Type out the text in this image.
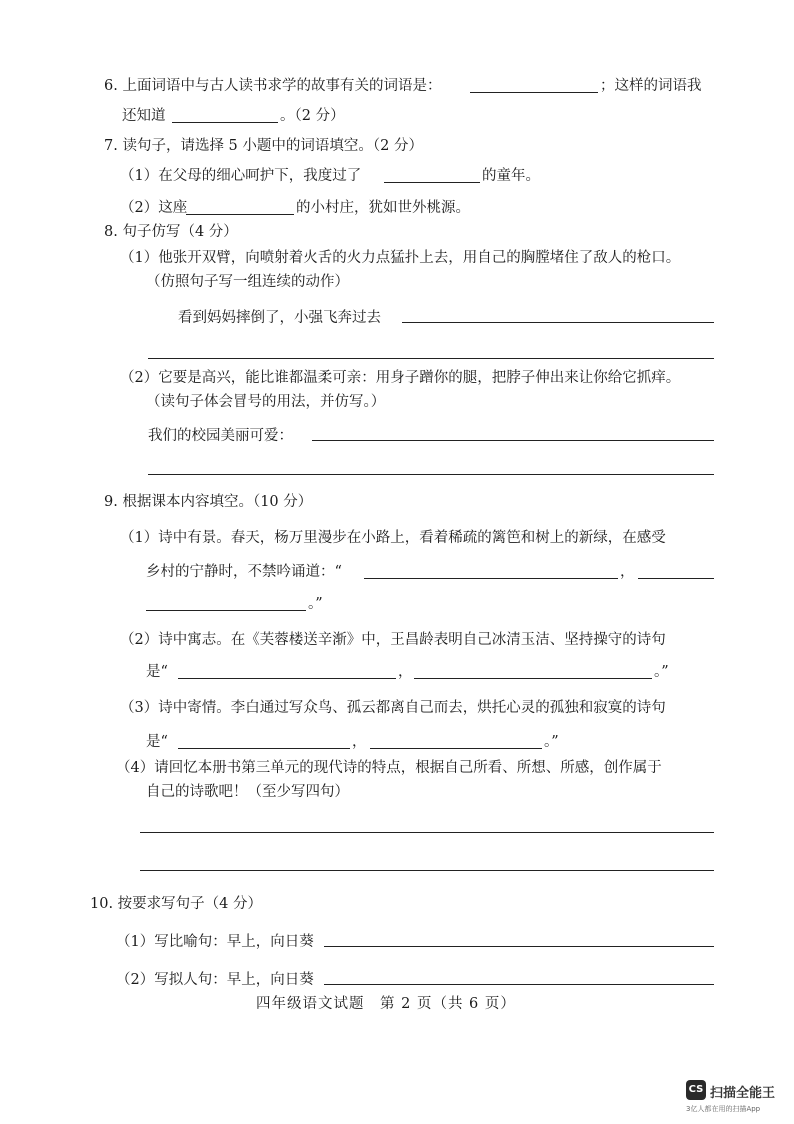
6. 上面词语中与古人读书求学的故事有关的词语是：	；这样的词语我
还知道	。（2 分）
7. 读句子，请选择 5 小题中的词语填空。（2 分）
（1）在父母的细心呵护下，我度过了	的童年。
（2）这座	的小村庄，犹如世外桃源。
8. 句子仿写（4 分）
（1）他张开双臂，向喷射着火舌的火力点猛扑上去，用自己的胸膛堵住了敌人的枪口。
（仿照句子写一组连续的动作）
看到妈妈摔倒了，小强飞奔过去
（2）它要是高兴，能比谁都温柔可亲：用身子蹭你的腿，把脖子伸出来让你给它抓痒。
（读句子体会冒号的用法，并仿写。）
我们的校园美丽可爱：
9. 根据课本内容填空。（10 分）
（1）诗中有景。春天，杨万里漫步在小路上，看着稀疏的篱笆和树上的新绿，在感受
乡村的宁静时，不禁吟诵道：“	，
。”
（2）诗中寓志。在《芙蓉楼送辛渐》中，王昌龄表明自己冰清玉洁、坚持操守的诗句
是“	，	。”
（3）诗中寄情。李白通过写众鸟、孤云都离自己而去，烘托心灵的孤独和寂寞的诗句
是“	，	。”
（4）请回忆本册书第三单元的现代诗的特点，根据自己所看、所想、所感，创作属于
自己的诗歌吧！（至少写四句）
10. 按要求写句子（4 分）
（1）写比喻句：早上，向日葵
（2）写拟人句：早上，向日葵
四年级语文试题　第 2 页（共 6 页）
CS 扫描全能王
3亿人都在用的扫描App
